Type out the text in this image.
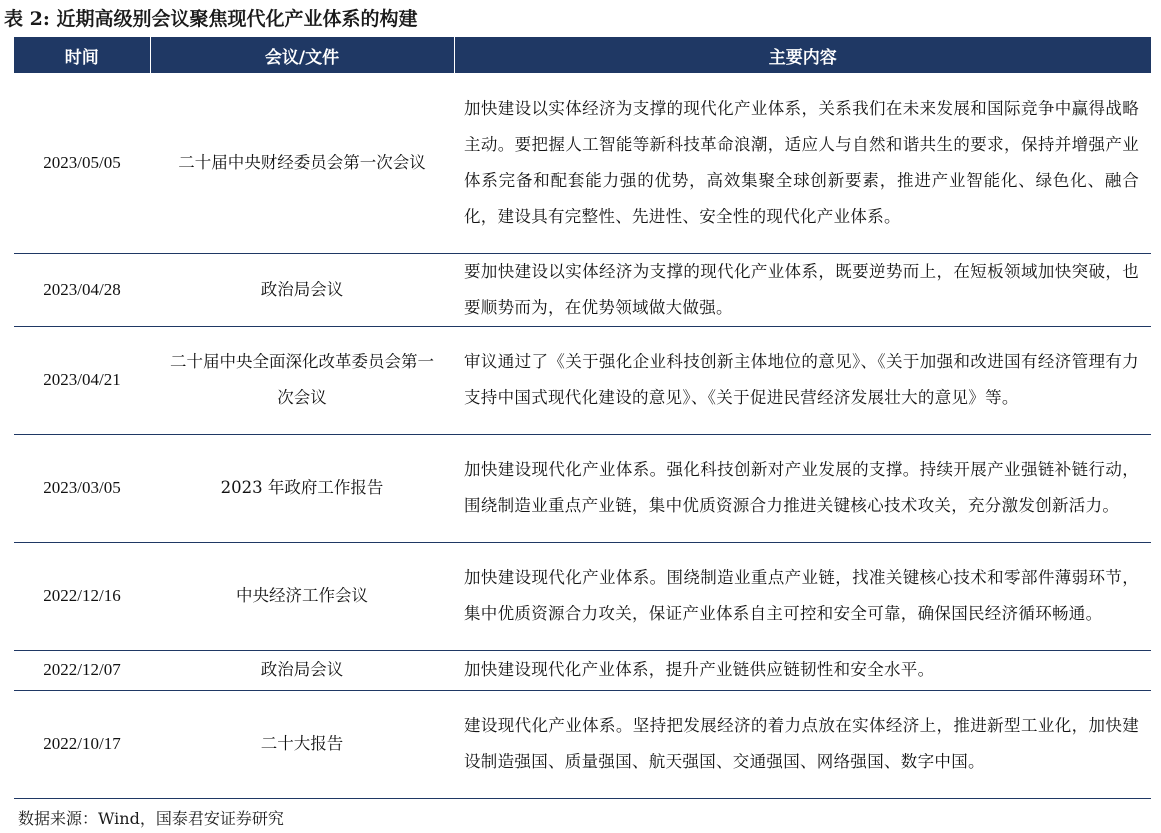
表 2: 近期高级别会议聚焦现代化产业体系的构建
时间	会议/文件	主要内容
2023/05/05	二十届中央财经委员会第一次会议	加快建设以实体经济为支撑的现代化产业体系，关系我们在未来发展和国际竞争中赢得战略主动。要把握人工智能等新科技革命浪潮，适应人与自然和谐共生的要求，保持并增强产业体系完备和配套能力强的优势，高效集聚全球创新要素，推进产业智能化、绿色化、融合化，建设具有完整性、先进性、安全性的现代化产业体系。
2023/04/28	政治局会议	要加快建设以实体经济为支撑的现代化产业体系，既要逆势而上，在短板领域加快突破，也要顺势而为，在优势领域做大做强。
2023/04/21	二十届中央全面深化改革委员会第一次会议	审议通过了《关于强化企业科技创新主体地位的意见》、《关于加强和改进国有经济管理有力支持中国式现代化建设的意见》、《关于促进民营经济发展壮大的意见》等。
2023/03/05	2023 年政府工作报告	加快建设现代化产业体系。强化科技创新对产业发展的支撑。持续开展产业强链补链行动，围绕制造业重点产业链，集中优质资源合力推进关键核心技术攻关，充分激发创新活力。
2022/12/16	中央经济工作会议	加快建设现代化产业体系。围绕制造业重点产业链，找准关键核心技术和零部件薄弱环节，集中优质资源合力攻关，保证产业体系自主可控和安全可靠，确保国民经济循环畅通。
2022/12/07	政治局会议	加快建设现代化产业体系，提升产业链供应链韧性和安全水平。
2022/10/17	二十大报告	建设现代化产业体系。坚持把发展经济的着力点放在实体经济上，推进新型工业化，加快建设制造强国、质量强国、航天强国、交通强国、网络强国、数字中国。
数据来源：Wind，国泰君安证券研究
